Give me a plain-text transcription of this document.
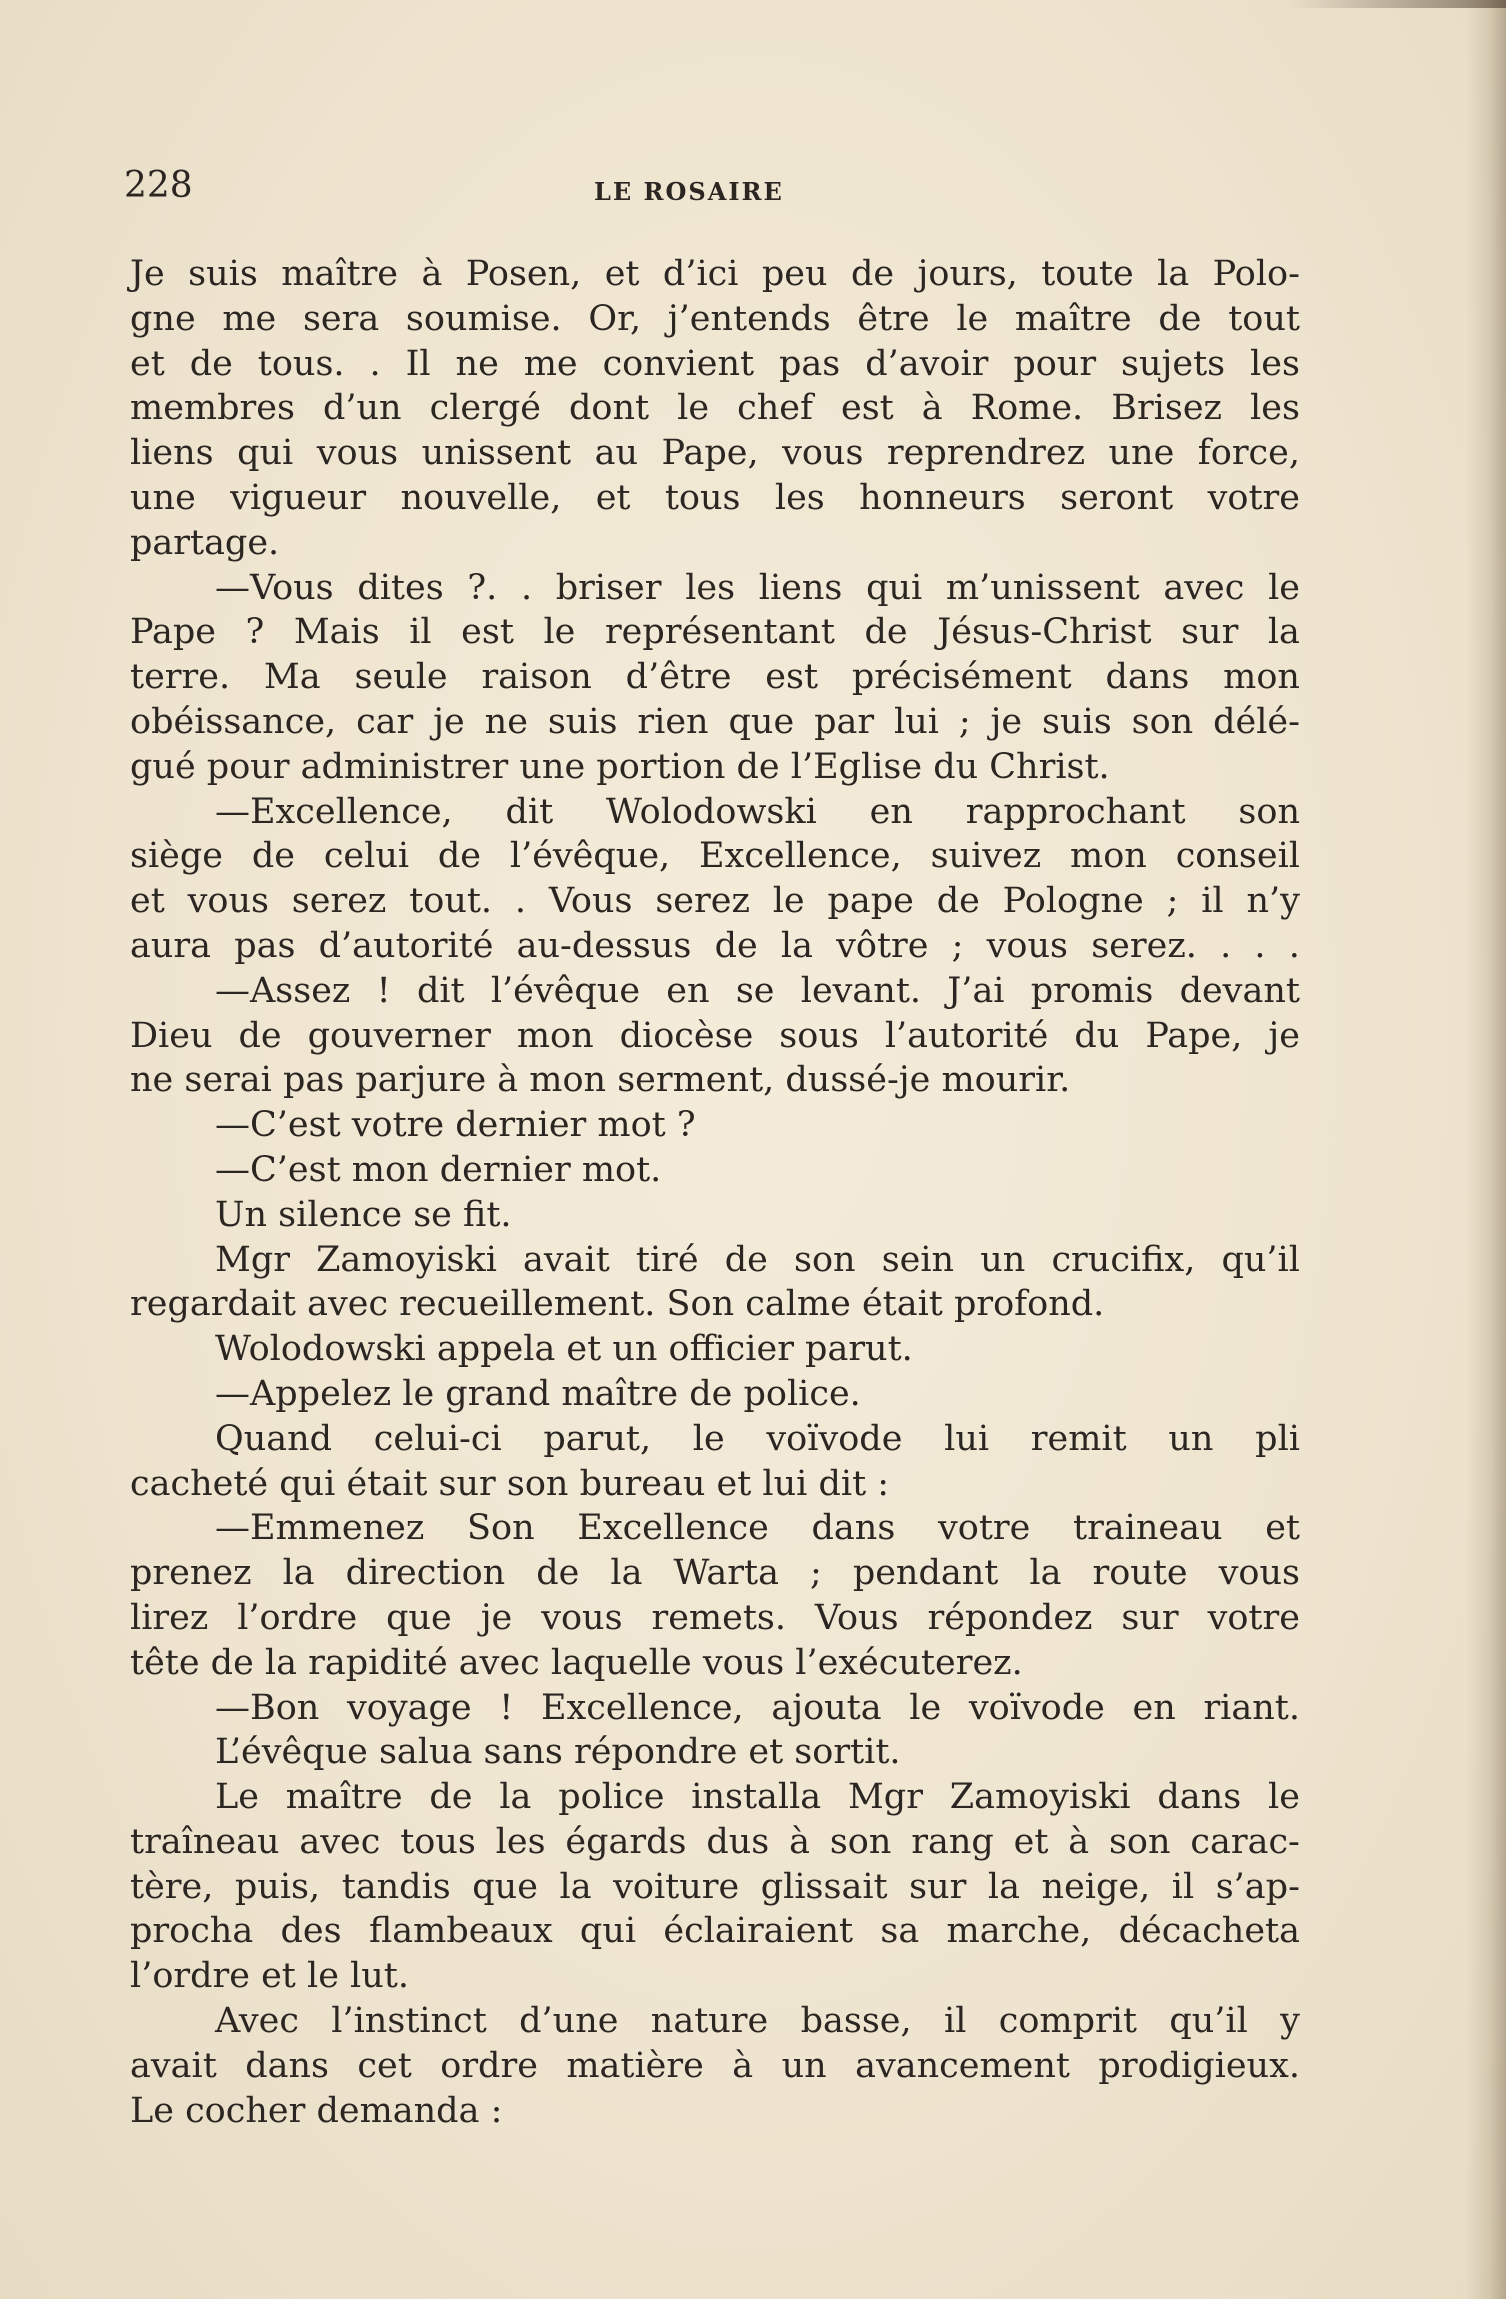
228	LE ROSAIRE
Je suis maître à Posen, et d’ici peu de jours, toute la Polo-
gne me sera soumise. Or, j’entends être le maître de tout
et de tous. . Il ne me convient pas d’avoir pour sujets les
membres d’un clergé dont le chef est à Rome. Brisez les
liens qui vous unissent au Pape, vous reprendrez une force,
une vigueur nouvelle, et tous les honneurs seront votre
partage.
—Vous dites ?. . briser les liens qui m’unissent avec le
Pape ? Mais il est le représentant de Jésus-Christ sur la
terre. Ma seule raison d’être est précisément dans mon
obéissance, car je ne suis rien que par lui ; je suis son délé-
gué pour administrer une portion de l’Eglise du Christ.
—Excellence, dit Wolodowski en rapprochant son
siège de celui de l’évêque, Excellence, suivez mon conseil
et vous serez tout. . Vous serez le pape de Pologne ; il n’y
aura pas d’autorité au-dessus de la vôtre ; vous serez. . . .
—Assez ! dit l’évêque en se levant. J’ai promis devant
Dieu de gouverner mon diocèse sous l’autorité du Pape, je
ne serai pas parjure à mon serment, dussé-je mourir.
—C’est votre dernier mot ?
—C’est mon dernier mot.
Un silence se fit.
Mgr Zamoyiski avait tiré de son sein un crucifix, qu’il
regardait avec recueillement. Son calme était profond.
Wolodowski appela et un officier parut.
—Appelez le grand maître de police.
Quand celui-ci parut, le voïvode lui remit un pli
cacheté qui était sur son bureau et lui dit :
—Emmenez Son Excellence dans votre traineau et
prenez la direction de la Warta ; pendant la route vous
lirez l’ordre que je vous remets. Vous répondez sur votre
tête de la rapidité avec laquelle vous l’exécuterez.
—Bon voyage ! Excellence, ajouta le voïvode en riant.
L’évêque salua sans répondre et sortit.
Le maître de la police installa Mgr Zamoyiski dans le
traîneau avec tous les égards dus à son rang et à son carac-
tère, puis, tandis que la voiture glissait sur la neige, il s’ap-
procha des flambeaux qui éclairaient sa marche, décacheta
l’ordre et le lut.
Avec l’instinct d’une nature basse, il comprit qu’il y
avait dans cet ordre matière à un avancement prodigieux.
Le cocher demanda :
